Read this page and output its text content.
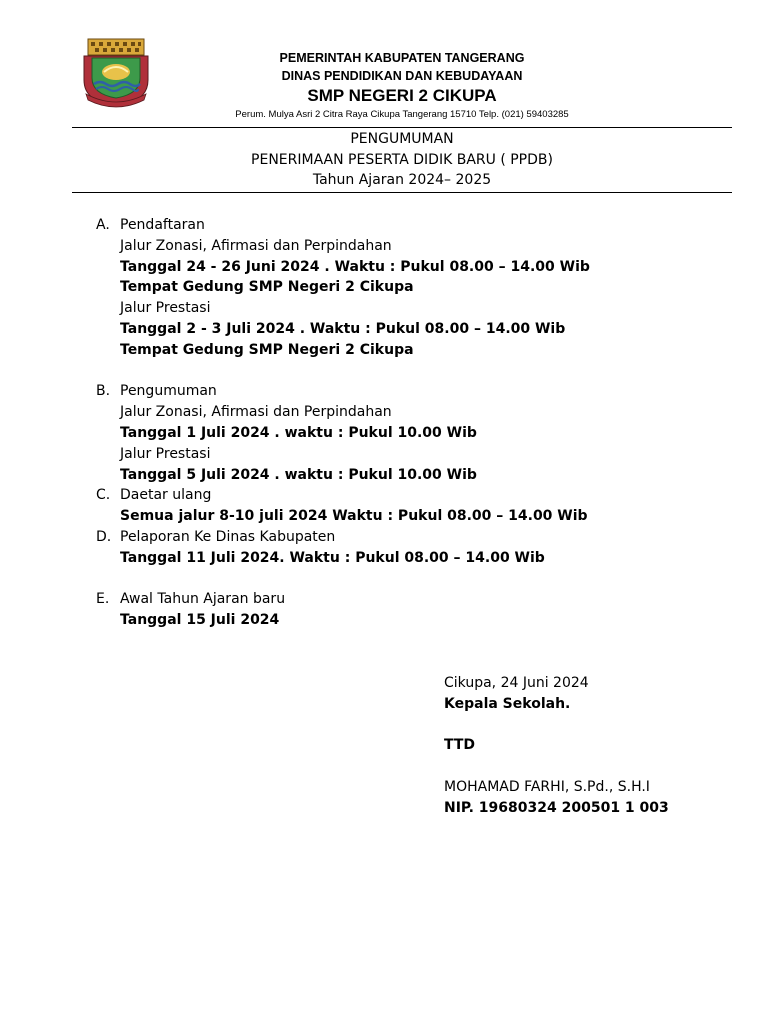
PEMERINTAH KABUPATEN TANGERANG
DINAS PENDIDIKAN DAN KEBUDAYAAN
SMP NEGERI 2 CIKUPA
Perum. Mulya Asri 2 Citra Raya Cikupa Tangerang 15710 Telp. (021) 59403285
PENGUMUMAN
PENERIMAAN PESERTA DIDIK BARU ( PPDB)
Tahun Ajaran 2024– 2025
A. Pendaftaran
Jalur Zonasi, Afirmasi dan Perpindahan
Tanggal 24 - 26 Juni 2024 . Waktu : Pukul 08.00 – 14.00 Wib
Tempat Gedung SMP Negeri 2 Cikupa
Jalur Prestasi
Tanggal 2 - 3 Juli 2024 . Waktu : Pukul 08.00 – 14.00 Wib
Tempat Gedung SMP Negeri 2 Cikupa
B. Pengumuman
Jalur Zonasi, Afirmasi dan Perpindahan
Tanggal 1 Juli 2024 . waktu : Pukul 10.00 Wib
Jalur Prestasi
Tanggal 5 Juli 2024 . waktu : Pukul 10.00 Wib
C. Daetar ulang
Semua jalur 8-10 juli 2024 Waktu : Pukul 08.00 – 14.00 Wib
D. Pelaporan Ke Dinas Kabupaten
Tanggal 11 Juli 2024. Waktu : Pukul 08.00 – 14.00 Wib
E. Awal Tahun Ajaran baru
Tanggal 15 Juli 2024
Cikupa, 24 Juni 2024
Kepala Sekolah.
TTD
MOHAMAD FARHI, S.Pd., S.H.I
NIP. 19680324 200501 1 003
